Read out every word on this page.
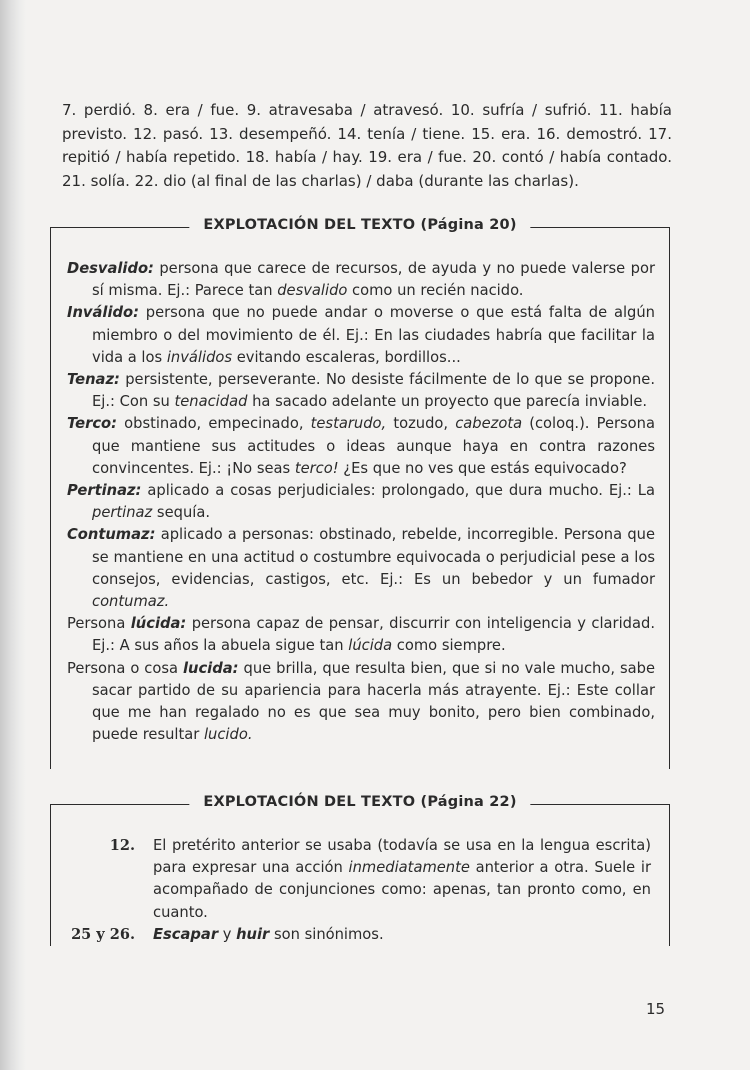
7. perdió. 8. era / fue. 9. atravesaba / atravesó. 10. sufría / sufrió. 11. había previsto. 12. pasó. 13. desempeñó. 14. tenía / tiene. 15. era. 16. demostró. 17. repitió / había repetido. 18. había / hay. 19. era / fue. 20. contó / había contado. 21. solía. 22. dio (al final de las charlas) / daba (durante las charlas).

EXPLOTACIÓN DEL TEXTO (Página 20)

Desvalido: persona que carece de recursos, de ayuda y no puede valerse por sí misma. Ej.: Parece tan desvalido como un recién nacido.

Inválido: persona que no puede andar o moverse o que está falta de algún miembro o del movimiento de él. Ej.: En las ciudades habría que facilitar la vida a los inválidos evitando escaleras, bordillos...

Tenaz: persistente, perseverante. No desiste fácilmente de lo que se propone. Ej.: Con su tenacidad ha sacado adelante un proyecto que parecía inviable.

Terco: obstinado, empecinado, testarudo, tozudo, cabezota (coloq.). Persona que mantiene sus actitudes o ideas aunque haya en contra razones convincentes. Ej.: ¡No seas terco! ¿Es que no ves que estás equivocado?

Pertinaz: aplicado a cosas perjudiciales: prolongado, que dura mucho. Ej.: La pertinaz sequía.

Contumaz: aplicado a personas: obstinado, rebelde, incorregible. Persona que se mantiene en una actitud o costumbre equivocada o perjudicial pese a los consejos, evidencias, castigos, etc. Ej.: Es un bebedor y un fumador contumaz.

Persona lúcida: persona capaz de pensar, discurrir con inteligencia y claridad. Ej.: A sus años la abuela sigue tan lúcida como siempre.

Persona o cosa lucida: que brilla, que resulta bien, que si no vale mucho, sabe sacar partido de su apariencia para hacerla más atrayente. Ej.: Este collar que me han regalado no es que sea muy bonito, pero bien combinado, puede resultar lucido.

EXPLOTACIÓN DEL TEXTO (Página 22)
12.	El pretérito anterior se usaba (todavía se usa en la lengua escrita) para expresar una acción inmediatamente anterior a otra. Suele ir acompañado de conjunciones como: apenas, tan pronto como, en cuanto.
25 y 26.	Escapar y huir son sinónimos.
15
